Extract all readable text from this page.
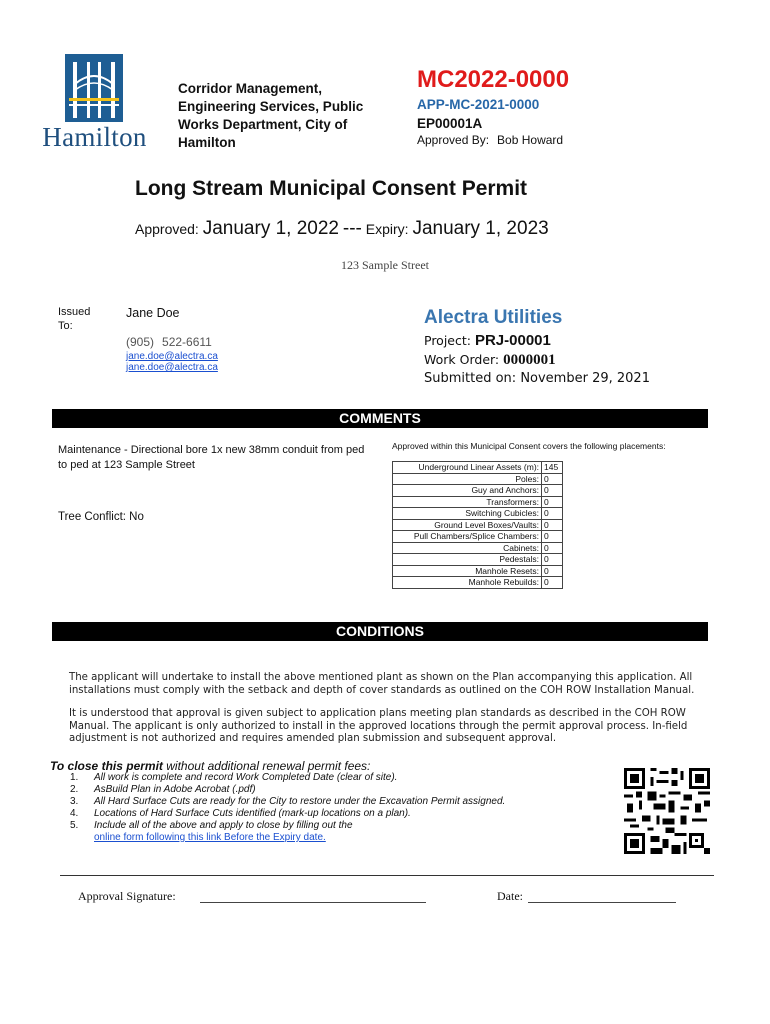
Hamilton
Corridor Management, Engineering Services, Public Works Department, City of Hamilton
MC2022-0000
APP-MC-2021-0000
EP00001A
Approved By: Bob Howard
Long Stream Municipal Consent Permit
Approved: January 1, 2022 --- Expiry: January 1, 2023
123 Sample Street
Issued To:
Jane Doe
(905) 522-6611
jane.doe@alectra.ca
jane.doe@alectra.ca
Alectra Utilities
Project: PRJ-00001
Work Order: 0000001
Submitted on: November 29, 2021
COMMENTS
Maintenance - Directional bore 1x new 38mm conduit from ped to ped at 123 Sample Street
Tree Conflict: No
Approved within this Municipal Consent covers the following placements:
Underground Linear Assets (m):	145
Poles:	0
Guy and Anchors:	0
Transformers:	0
Switching Cubicles:	0
Ground Level Boxes/Vaults:	0
Pull Chambers/Splice Chambers:	0
Cabinets:	0
Pedestals:	0
Manhole Resets:	0
Manhole Rebuilds:	0
CONDITIONS
The applicant will undertake to install the above mentioned plant as shown on the Plan accompanying this application. All installations must comply with the setback and depth of cover standards as outlined on the COH ROW Installation Manual.
It is understood that approval is given subject to application plans meeting plan standards as described in the COH ROW Manual. The applicant is only authorized to install in the approved locations through the permit approval process. In-field adjustment is not authorized and requires amended plan submission and subsequent approval.
To close this permit without additional renewal permit fees:
1.	All work is complete and record Work Completed Date (clear of site).
2.	AsBuild Plan in Adobe Acrobat (.pdf)
3.	All Hard Surface Cuts are ready for the City to restore under the Excavation Permit assigned.
4.	Locations of Hard Surface Cuts identified (mark-up locations on a plan).
5.	Include all of the above and apply to close by filling out the
online form following this link Before the Expiry date.
Approval Signature:	Date:
